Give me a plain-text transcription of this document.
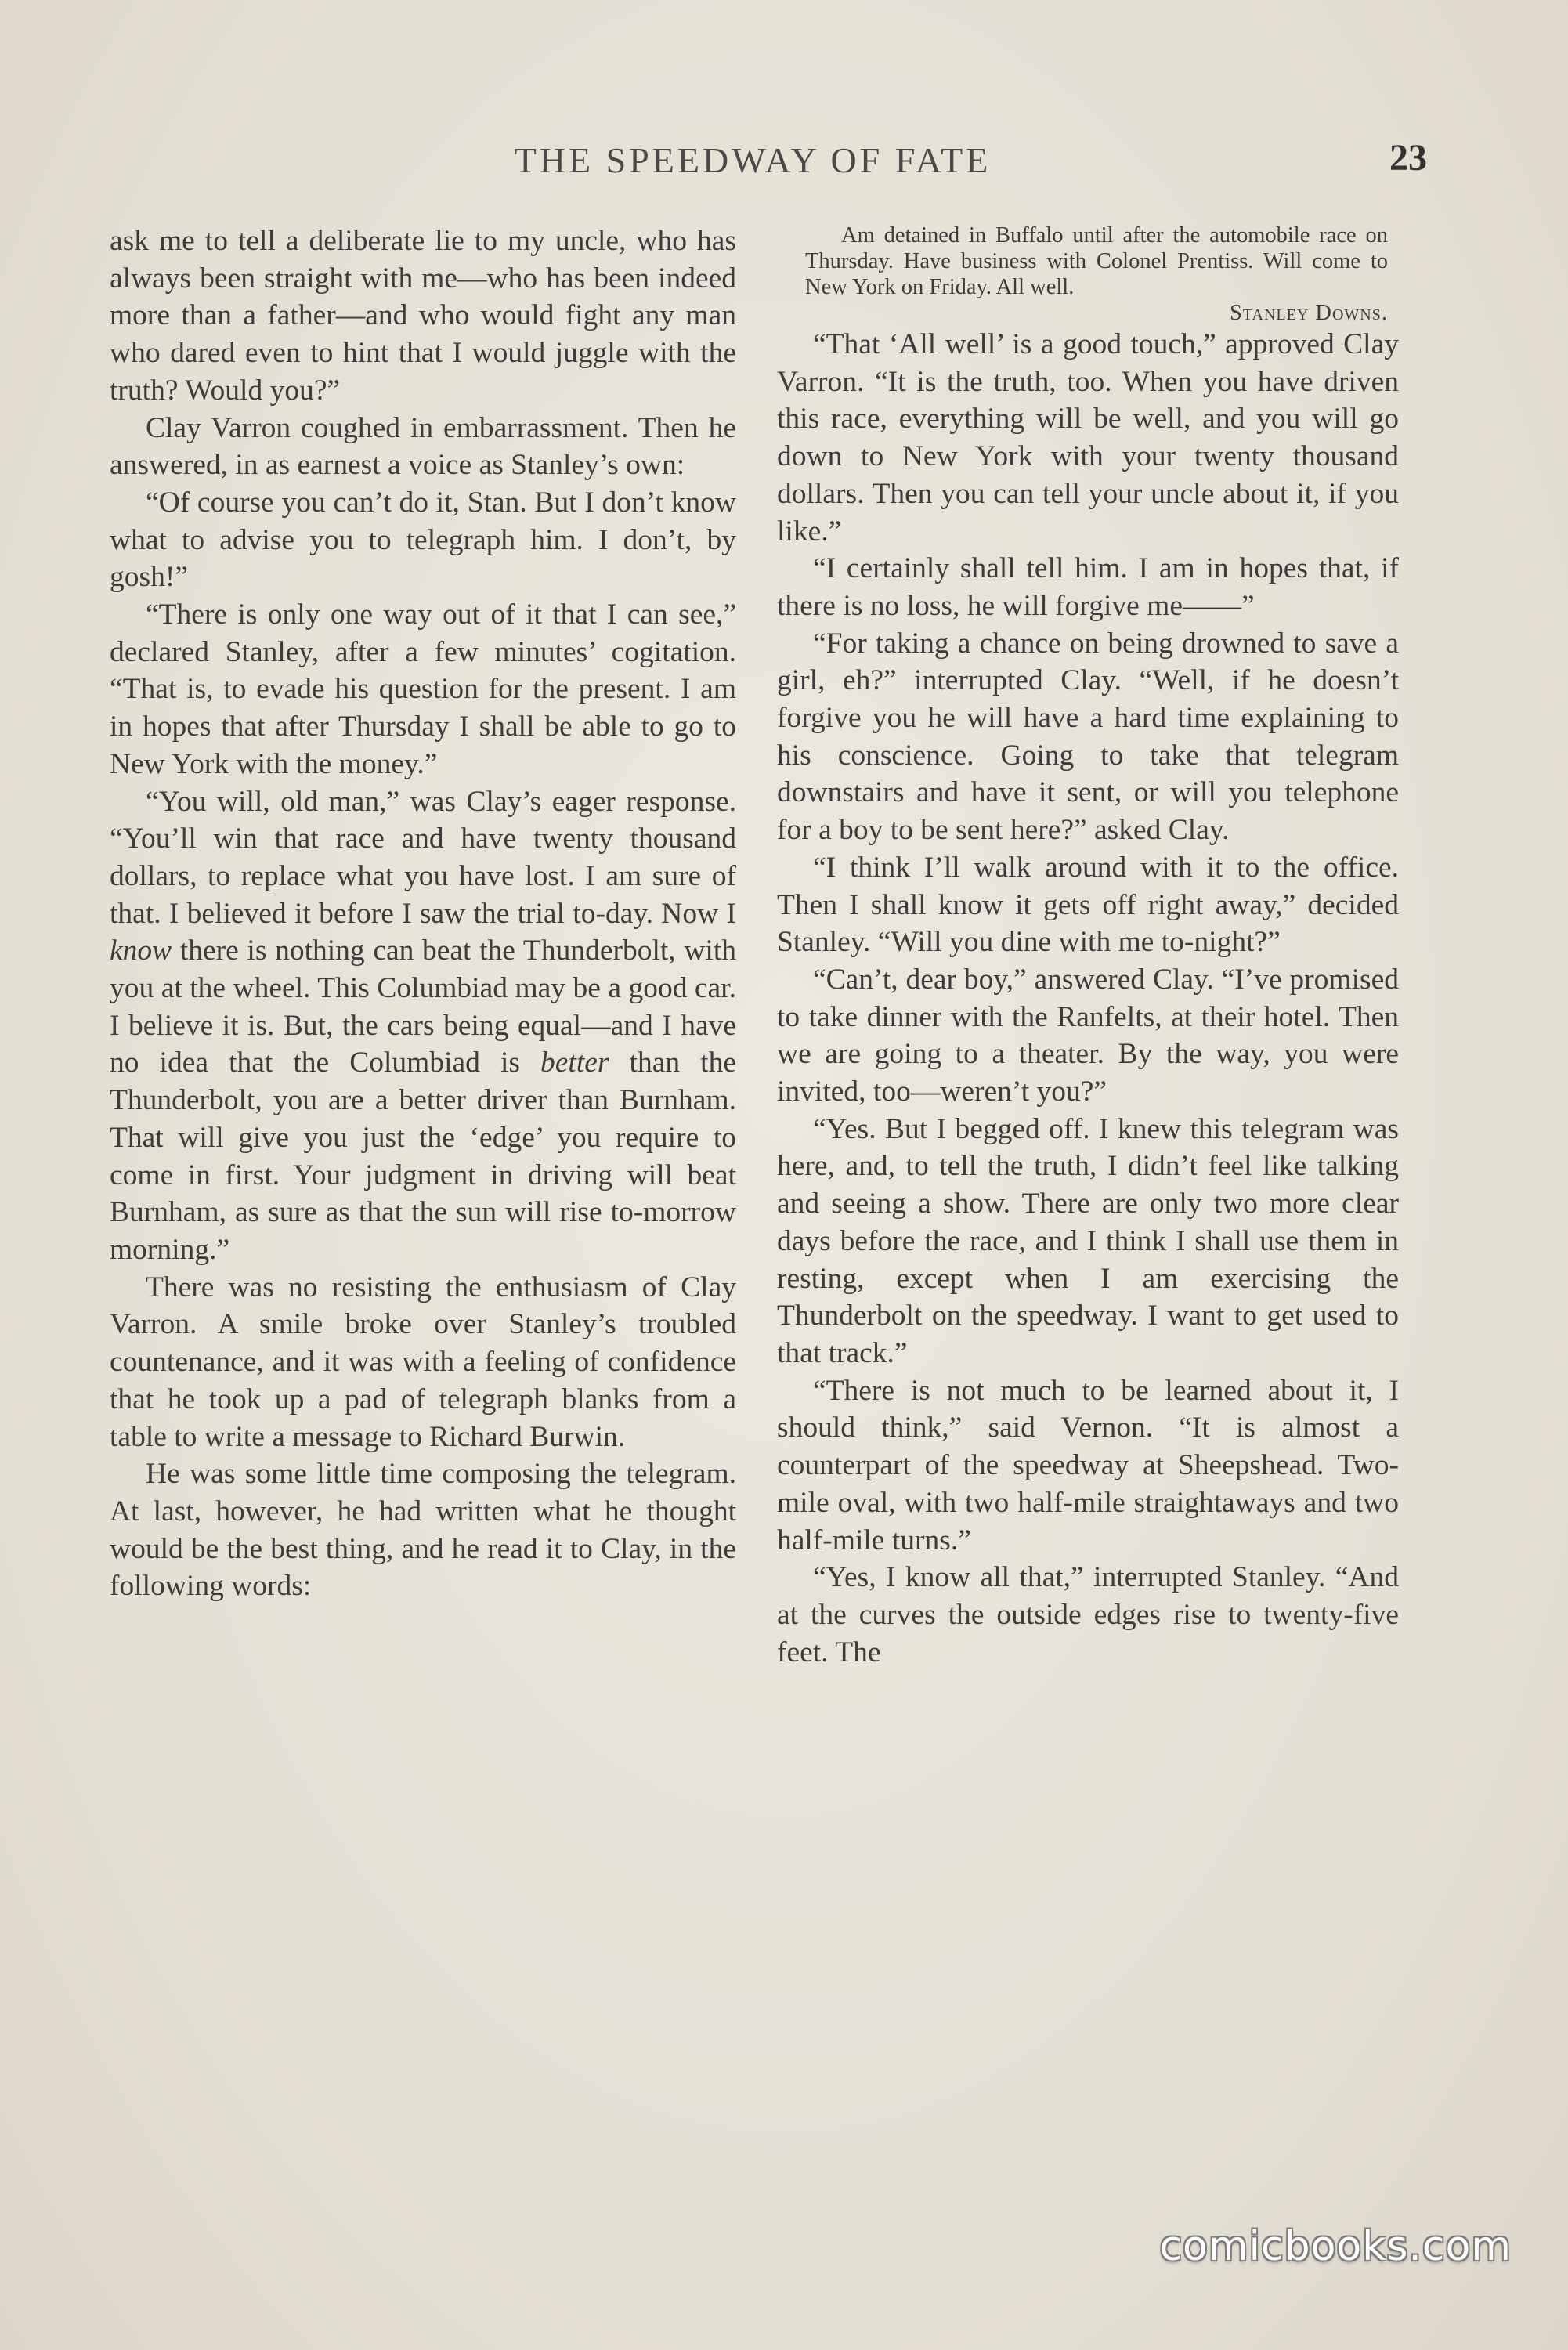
THE SPEEDWAY OF FATE	23

ask me to tell a deliberate lie to my uncle, who has always been straight with me—who has been indeed more than a father—and who would fight any man who dared even to hint that I would juggle with the truth? Would you?”

Clay Varron coughed in embarrassment. Then he answered, in as earnest a voice as Stanley’s own:

“Of course you can’t do it, Stan. But I don’t know what to advise you to telegraph him. I don’t, by gosh!”

“There is only one way out of it that I can see,” declared Stanley, after a few minutes’ cogitation. “That is, to evade his question for the present. I am in hopes that after Thursday I shall be able to go to New York with the money.”

“You will, old man,” was Clay’s eager response. “You’ll win that race and have twenty thousand dollars, to replace what you have lost. I am sure of that. I believed it before I saw the trial to-day. Now I know there is nothing can beat the Thunderbolt, with you at the wheel. This Columbiad may be a good car. I believe it is. But, the cars being equal—and I have no idea that the Columbiad is better than the Thunderbolt, you are a better driver than Burnham. That will give you just the ‘edge’ you require to come in first. Your judgment in driving will beat Burnham, as sure as that the sun will rise to-morrow morning.”

There was no resisting the enthusiasm of Clay Varron. A smile broke over Stanley’s troubled countenance, and it was with a feeling of confidence that he took up a pad of telegraph blanks from a table to write a message to Richard Burwin.

He was some little time composing the telegram. At last, however, he had written what he thought would be the best thing, and he read it to Clay, in the following words:

Am detained in Buffalo until after the automobile race on Thursday. Have business with Colonel Prentiss. Will come to New York on Friday. All well.

Stanley Downs.

“That ‘All well’ is a good touch,” approved Clay Varron. “It is the truth, too. When you have driven this race, everything will be well, and you will go down to New York with your twenty thousand dollars. Then you can tell your uncle about it, if you like.”

“I certainly shall tell him. I am in hopes that, if there is no loss, he will forgive me——”

“For taking a chance on being drowned to save a girl, eh?” interrupted Clay. “Well, if he doesn’t forgive you he will have a hard time explaining to his conscience. Going to take that telegram downstairs and have it sent, or will you telephone for a boy to be sent here?” asked Clay.

“I think I’ll walk around with it to the office. Then I shall know it gets off right away,” decided Stanley. “Will you dine with me to-night?”

“Can’t, dear boy,” answered Clay. “I’ve promised to take dinner with the Ranfelts, at their hotel. Then we are going to a theater. By the way, you were invited, too—weren’t you?”

“Yes. But I begged off. I knew this telegram was here, and, to tell the truth, I didn’t feel like talking and seeing a show. There are only two more clear days before the race, and I think I shall use them in resting, except when I am exercising the Thunderbolt on the speedway. I want to get used to that track.”

“There is not much to be learned about it, I should think,” said Vernon. “It is almost a counterpart of the speedway at Sheepshead. Two-mile oval, with two half-mile straightaways and two half-mile turns.”

“Yes, I know all that,” interrupted Stanley. “And at the curves the outside edges rise to twenty-five feet. The

comicbooks.com
